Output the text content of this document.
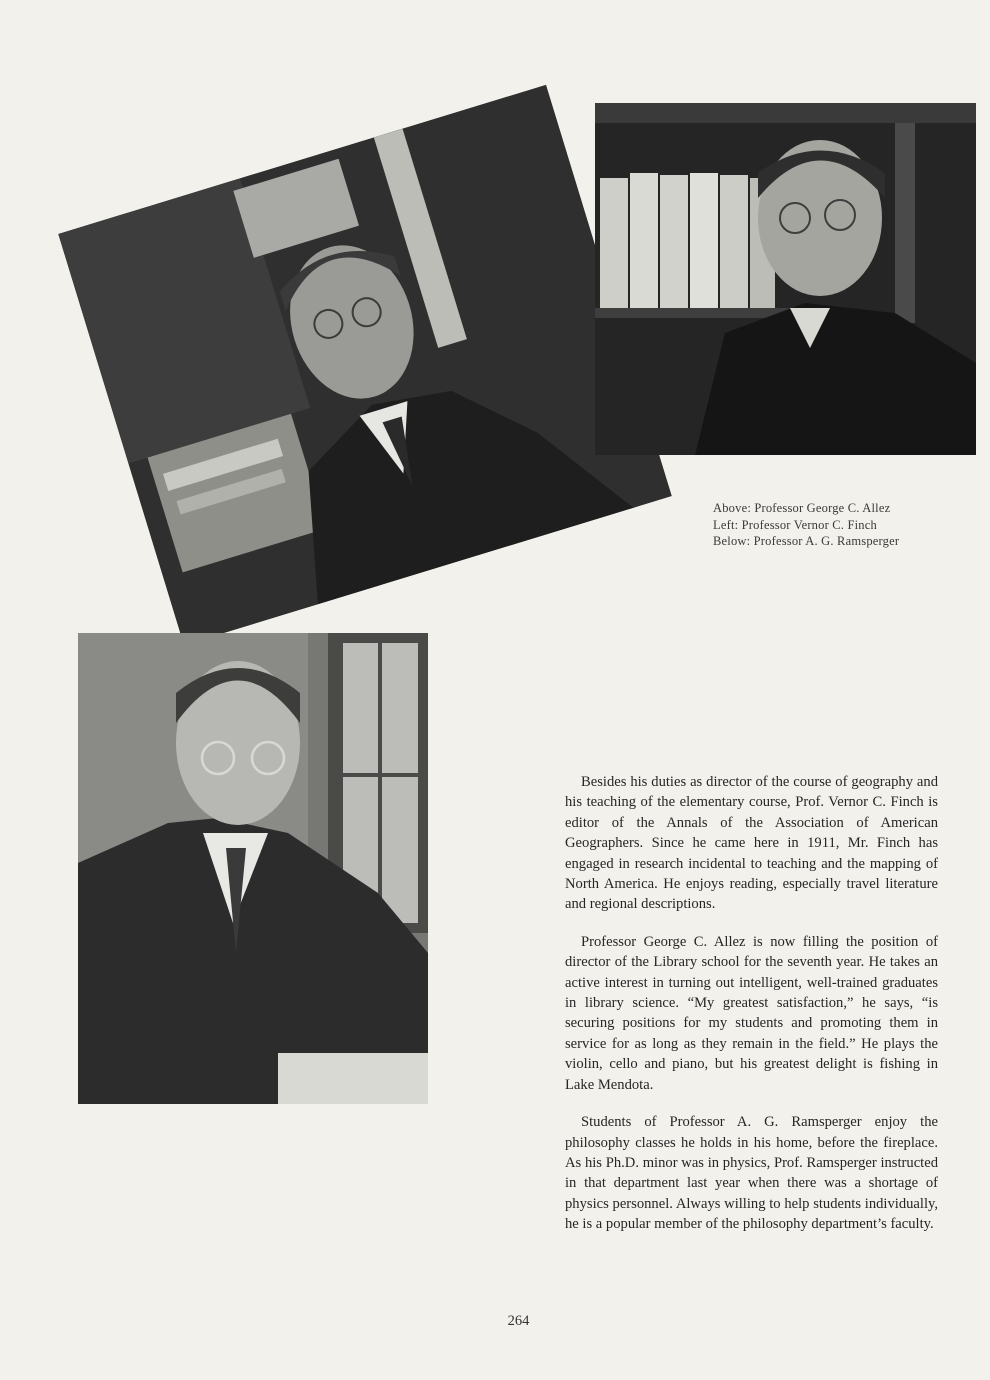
Above: Professor George C. Allez
Left: Professor Vernor C. Finch
Below: Professor A. G. Ramsperger

Besides his duties as director of the course of geography and his teaching of the elementary course, Prof. Vernor C. Finch is editor of the Annals of the Association of American Geographers. Since he came here in 1911, Mr. Finch has engaged in research incidental to teaching and the mapping of North America. He enjoys reading, especially travel literature and regional descriptions.

Professor George C. Allez is now filling the position of director of the Library school for the seventh year. He takes an active interest in turning out intelligent, well-trained graduates in library science. “My greatest satisfaction,” he says, “is securing positions for my students and promoting them in service for as long as they remain in the field.” He plays the violin, cello and piano, but his greatest delight is fishing in Lake Mendota.

Students of Professor A. G. Ramsperger enjoy the philosophy classes he holds in his home, before the fireplace. As his Ph.D. minor was in physics, Prof. Ramsperger instructed in that department last year when there was a shortage of physics personnel. Always willing to help students individually, he is a popular member of the philosophy department’s faculty.

264
